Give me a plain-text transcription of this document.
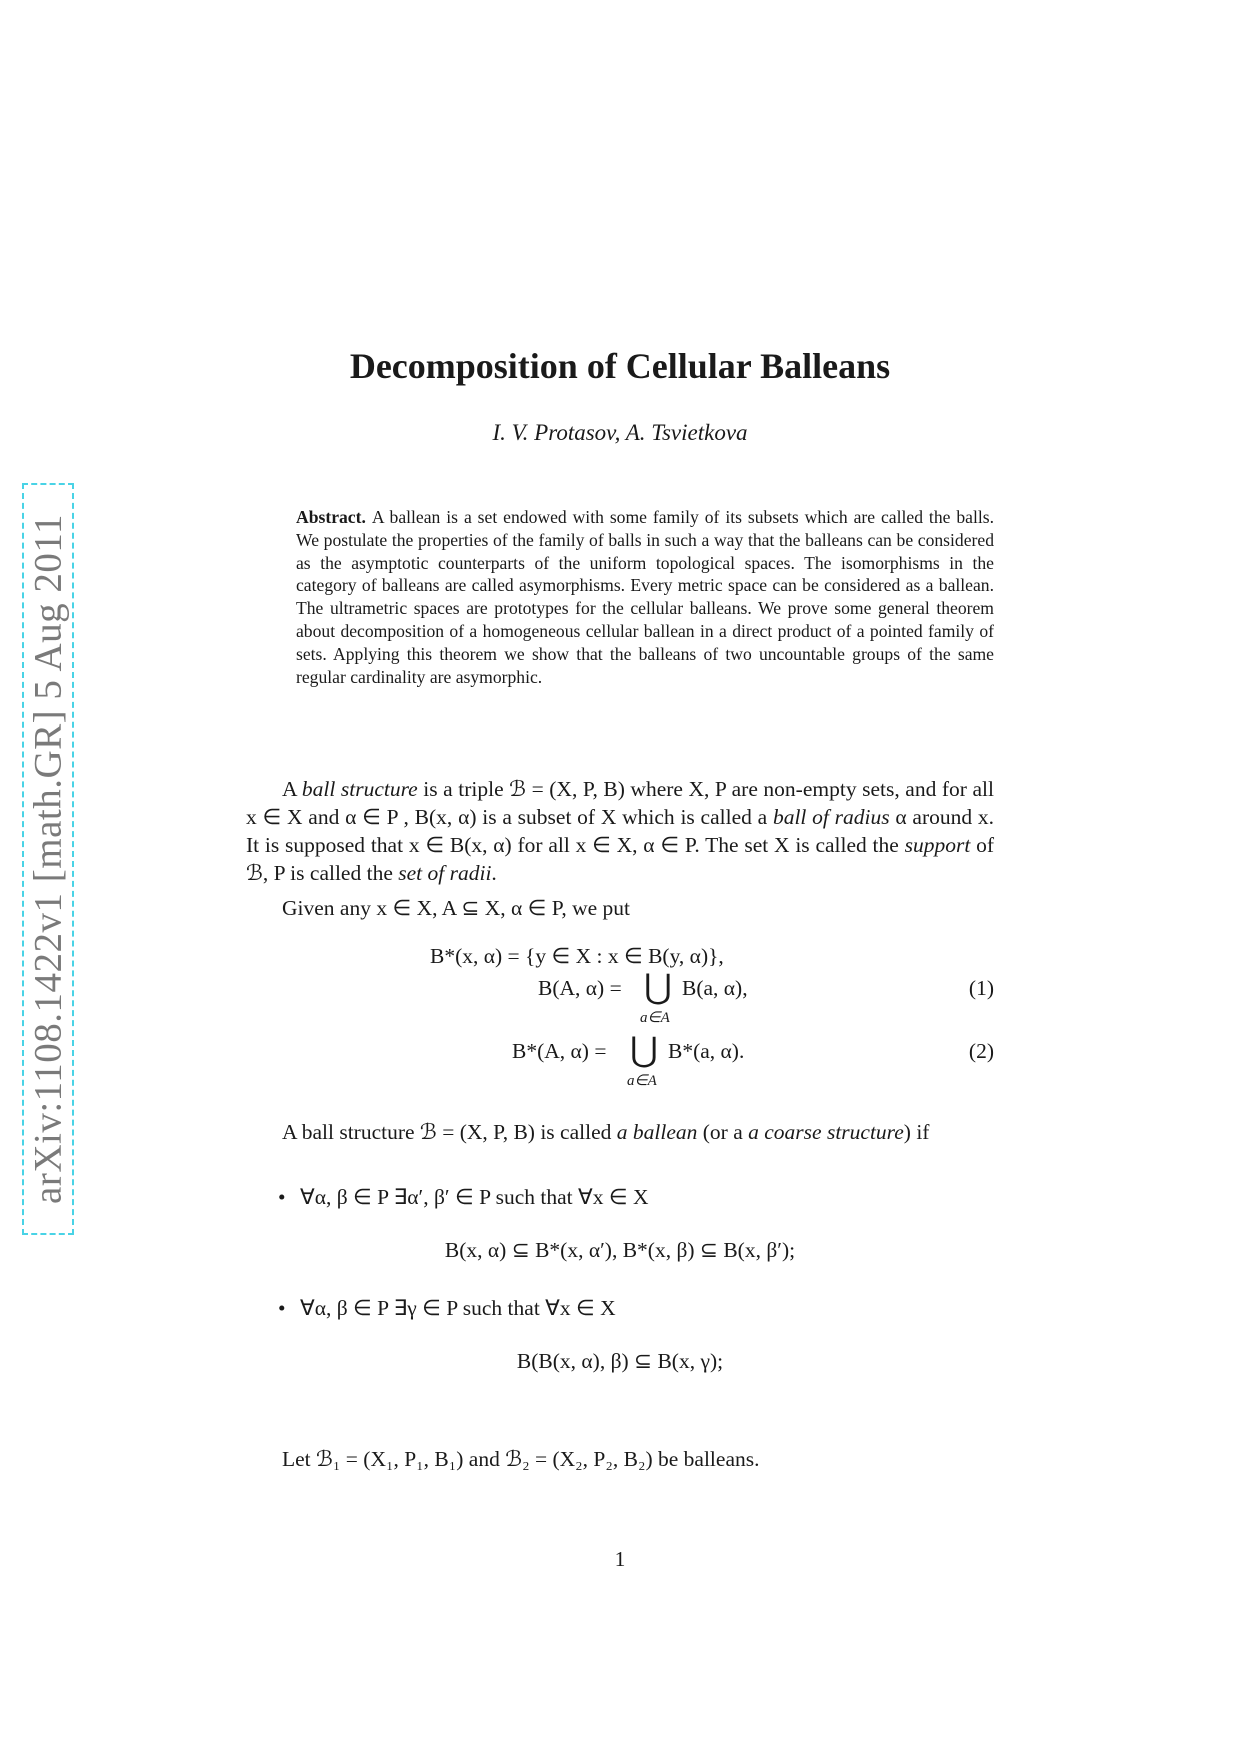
arXiv:1108.1422v1 [math.GR] 5 Aug 2011
Decomposition of Cellular Balleans
I. V. Protasov, A. Tsvietkova
Abstract. A ballean is a set endowed with some family of its subsets which are called the balls. We postulate the properties of the family of balls in such a way that the balleans can be considered as the asymptotic counterparts of the uniform topological spaces. The isomorphisms in the category of balleans are called asymorphisms. Every metric space can be considered as a ballean. The ultrametric spaces are prototypes for the cellular balleans. We prove some general theorem about decomposition of a homogeneous cellular ballean in a direct product of a pointed family of sets. Applying this theorem we show that the balleans of two uncountable groups of the same regular cardinality are asymorphic.
A ball structure is a triple ℬ = (X, P, B) where X, P are non-empty sets, and for all x ∈ X and α ∈ P , B(x, α) is a subset of X which is called a ball of radius α around x. It is supposed that x ∈ B(x, α) for all x ∈ X, α ∈ P. The set X is called the support of ℬ, P is called the set of radii.
Given any x ∈ X, A ⊆ X, α ∈ P, we put
B*(x, α) = {y ∈ X : x ∈ B(y, α)},
B(A, α) = ⋃
a∈A
B(a, α),	(1)
B*(A, α) = ⋃
a∈A
B*(a, α).	(2)
A ball structure ℬ = (X, P, B) is called a ballean (or a a coarse structure) if
• ∀α, β ∈ P ∃α′, β′ ∈ P such that ∀x ∈ X
B(x, α) ⊆ B*(x, α′), B*(x, β) ⊆ B(x, β′);
• ∀α, β ∈ P ∃γ ∈ P such that ∀x ∈ X
B(B(x, α), β) ⊆ B(x, γ);
Let ℬ₁ = (X₁, P₁, B₁) and ℬ₂ = (X₂, P₂, B₂) be balleans.
1
